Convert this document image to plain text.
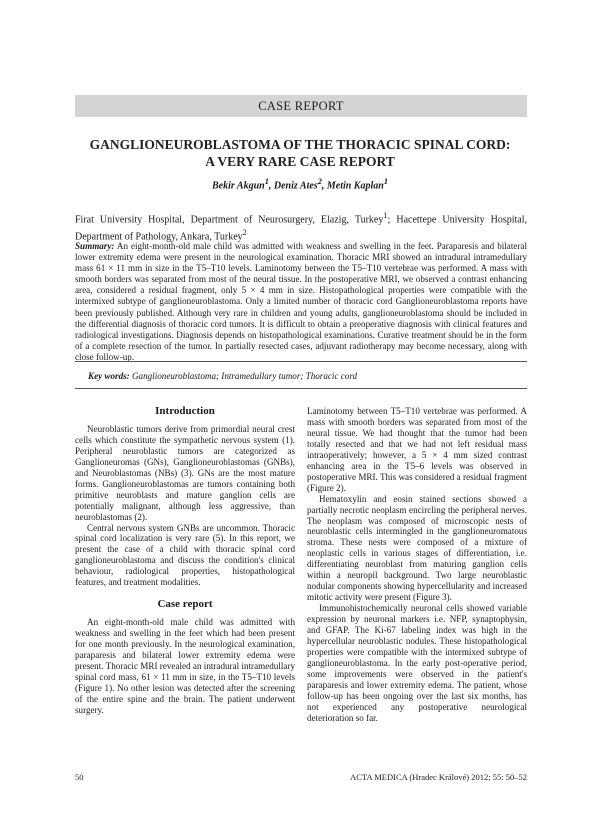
CASE REPORT
GANGLIONEUROBLASTOMA OF THE THORACIC SPINAL CORD:
A VERY RARE CASE REPORT
Bekir Akgun$^1$, Deniz Ates$^2$, Metin Kaplan$^1$
Firat University Hospital, Department of Neurosurgery, Elazig, Turkey$^1$; Hacettepe University Hospital, Department of Pathology, Ankara, Turkey$^2$
Summary: An eight-month-old male child was admitted with weakness and swelling in the feet. Paraparesis and bilateral lower extremity edema were present in the neurological examination. Thoracic MRI showed an intradural intramedullary mass 61 × 11 mm in size in the T5–T10 levels. Laminotomy between the T5–T10 vertebrae was performed. A mass with smooth borders was separated from most of the neural tissue. In the postoperative MRI, we observed a contrast enhancing area, considered a residual fragment, only 5 × 4 mm in size. Histopathological properties were compatible with the intermixed subtype of ganglioneuroblastoma. Only a limited number of thoracic cord Ganglioneuroblastoma reports have been previously published. Although very rare in children and young adults, ganglioneuroblastoma should be included in the differential diagnosis of thoracic cord tumors. It is difficult to obtain a preoperative diagnosis with clinical features and radiological investigations. Diagnosis depends on histopathological examinations. Curative treatment should be in the form of a complete resection of the tumor. In partially resected cases, adjuvant radiotherapy may become necessary, along with close follow-up.
Key words: Ganglioneuroblastoma; Intramedullary tumor; Thoracic cord
Introduction

Neuroblastic tumors derive from primordial neural crest cells which constitute the sympathetic nervous system (1). Peripheral neuroblastic tumors are categorized as Ganglioneuromas (GNs), Ganglioneuroblastomas (GNBs), and Neuroblastomas (NBs) (3). GNs are the most mature forms. Ganglioneuroblastomas are tumors containing both primitive neuroblasts and mature ganglion cells are potentially malignant, although less aggressive, than neuroblastomas (2).

Central nervous system GNBs are uncommon. Thoracic spinal cord localization is very rare (5). In this report, we present the case of a child with thoracic spinal cord ganglioneuroblastoma and discuss the condition's clinical behaviour, radiological properties, histopathological features, and treatment modalities.

Case report

An eight-month-old male child was admitted with weakness and swelling in the feet which had been present for one month previously. In the neurological examination, paraparesis and bilateral lower extremity edema were present. Thoracic MRI revealed an intradural intramedullary spinal cord mass, 61 × 11 mm in size, in the T5–T10 levels (Figure 1). No other lesion was detected after the screening of the entire spine and the brain. The patient underwent surgery.

Laminotomy between T5–T10 vertebrae was performed. A mass with smooth borders was separated from most of the neural tissue. We had thought that the tumor had been totally resected and that we had not left residual mass intraoperatively; however, a 5 × 4 mm sized contrast enhancing area in the T5–6 levels was observed in postoperative MRI. This was considered a residual fragment (Figure 2).

Hematoxylin and eosin stained sections showed a partially necrotic neoplasm encircling the peripheral nerves. The neoplasm was composed of microscopic nests of neuroblastic cells intermingled in the ganglioneuromatous stroma. These nests were composed of a mixture of neoplastic cells in various stages of differentiation, i.e. differentiating neuroblast from maturing ganglion cells within a neuropil background. Two large neuroblastic nodular components showing hypercellularity and increased mitotic activity were present (Figure 3).

Immunohistochemically neuronal cells showed variable expression by neuronal markers i.e. NFP, synaptophysin, and GFAP. The Ki-67 labeling index was high in the hypercellular neuroblastic nodules. These histopathological properties were compatible with the intermixed subtype of ganglioneuroblastoma. In the early post-operative period, some improvements were observed in the patient's paraparesis and lower extremity edema. The patient, whose follow-up has been ongoing over the last six months, has not experienced any postoperative neurological deterioration so far.

50	ACTA MEDICA (Hradec Králové) 2012; 55: 50–52
